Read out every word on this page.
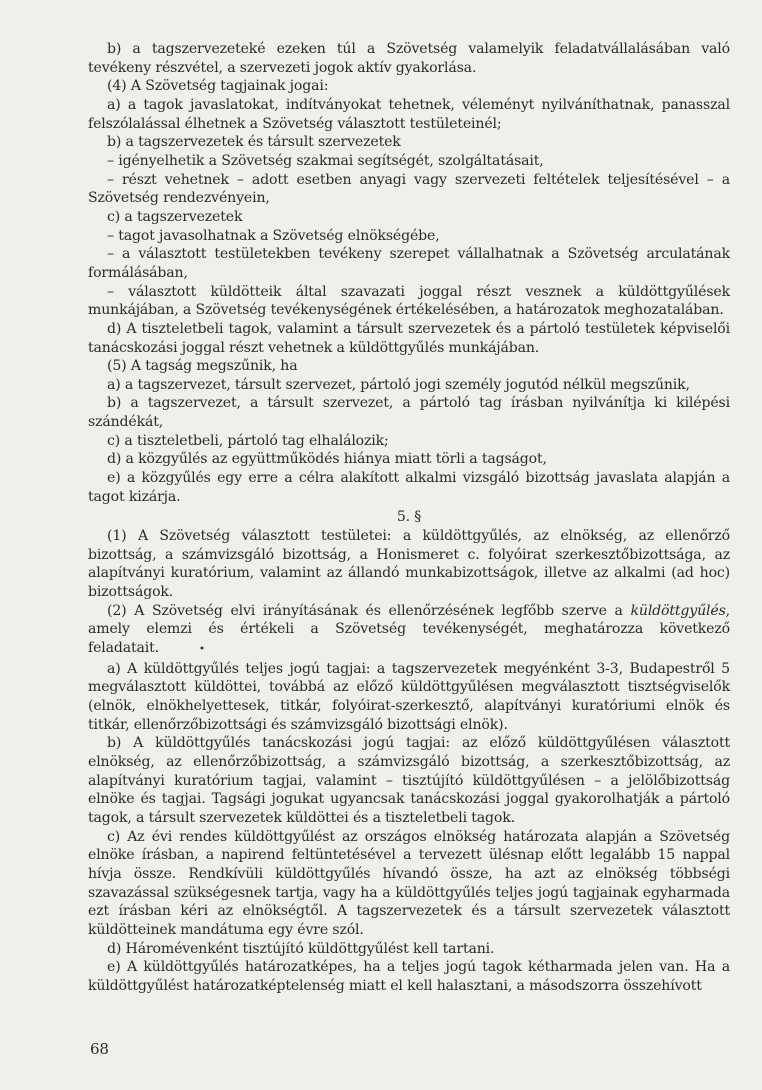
b) a tagszervezeteké ezeken túl a Szövetség valamelyik feladatvállalásában való tevékeny részvétel, a szervezeti jogok aktív gyakorlása.

(4) A Szövetség tagjainak jogai:

a) a tagok javaslatokat, indítványokat tehetnek, véleményt nyilváníthatnak, panasszal felszólalással élhetnek a Szövetség választott testületeinél;

b) a tagszervezetek és társult szervezetek

– igényelhetik a Szövetség szakmai segítségét, szolgáltatásait,

– részt vehetnek – adott esetben anyagi vagy szervezeti feltételek teljesítésével – a Szövetség rendezvényein,

c) a tagszervezetek

– tagot javasolhatnak a Szövetség elnökségébe,

– a választott testületekben tevékeny szerepet vállalhatnak a Szövetség arculatának formálásában,

– választott küldötteik által szavazati joggal részt vesznek a küldöttgyűlések munkájában, a Szövetség tevékenységének értékelésében, a határozatok meghozatalában.

d) A tiszteletbeli tagok, valamint a társult szervezetek és a pártoló testületek képviselői tanácskozási joggal részt vehetnek a küldöttgyűlés munkájában.

(5) A tagság megszűnik, ha

a) a tagszervezet, társult szervezet, pártoló jogi személy jogutód nélkül megszűnik,

b) a tagszervezet, a társult szervezet, a pártoló tag írásban nyilvánítja ki kilépési szándékát,

c) a tiszteletbeli, pártoló tag elhalálozik;

d) a közgyűlés az együttműködés hiánya miatt törli a tagságot,

e) a közgyűlés egy erre a célra alakított alkalmi vizsgáló bizottság javaslata alapján a tagot kizárja.

5. §

(1) A Szövetség választott testületei: a küldöttgyűlés, az elnökség, az ellenőrző bizottság, a számvizsgáló bizottság, a Honismeret c. folyóirat szerkesztőbizottsága, az alapítványi kuratórium, valamint az állandó munkabizottságok, illetve az alkalmi (ad hoc) bizottságok.

(2) A Szövetség elvi irányításának és ellenőrzésének legfőbb szerve a küldöttgyűlés, amely elemzi és értékeli a Szövetség tevékenységét, meghatározza következő feladatait.	•

a) A küldöttgyűlés teljes jogú tagjai: a tagszervezetek megyénként 3-3, Budapestről 5 megválasztott küldöttei, továbbá az előző küldöttgyűlésen megválasztott tisztségviselők (elnök, elnökhelyettesek, titkár, folyóirat-szerkesztő, alapítványi kuratóriumi elnök és titkár, ellenőrzőbizottsági és számvizsgáló bizottsági elnök).

b) A küldöttgyűlés tanácskozási jogú tagjai: az előző küldöttgyűlésen választott elnökség, az ellenőrzőbizottság, a számvizsgáló bizottság, a szerkesztőbizottság, az alapítványi kuratórium tagjai, valamint – tisztújító küldöttgyűlésen – a jelölőbizottság elnöke és tagjai. Tagsági jogukat ugyancsak tanácskozási joggal gyakorolhatják a pártoló tagok, a társult szervezetek küldöttei és a tiszteletbeli tagok.

c) Az évi rendes küldöttgyűlést az országos elnökség határozata alapján a Szövetség elnöke írásban, a napirend feltüntetésével a tervezett ülésnap előtt legalább 15 nappal hívja össze. Rendkívüli küldöttgyűlés hívandó össze, ha azt az elnökség többségi szavazással szükségesnek tartja, vagy ha a küldöttgyűlés teljes jogú tagjainak egyharmada ezt írásban kéri az elnökségtől. A tagszervezetek és a társult szervezetek választott küldötteinek mandátuma egy évre szól.

d) Háromévenként tisztújító küldöttgyűlést kell tartani.

e) A küldöttgyűlés határozatképes, ha a teljes jogú tagok kétharmada jelen van. Ha a küldöttgyűlést határozatképtelenség miatt el kell halasztani, a másodszorra összehívott

68
